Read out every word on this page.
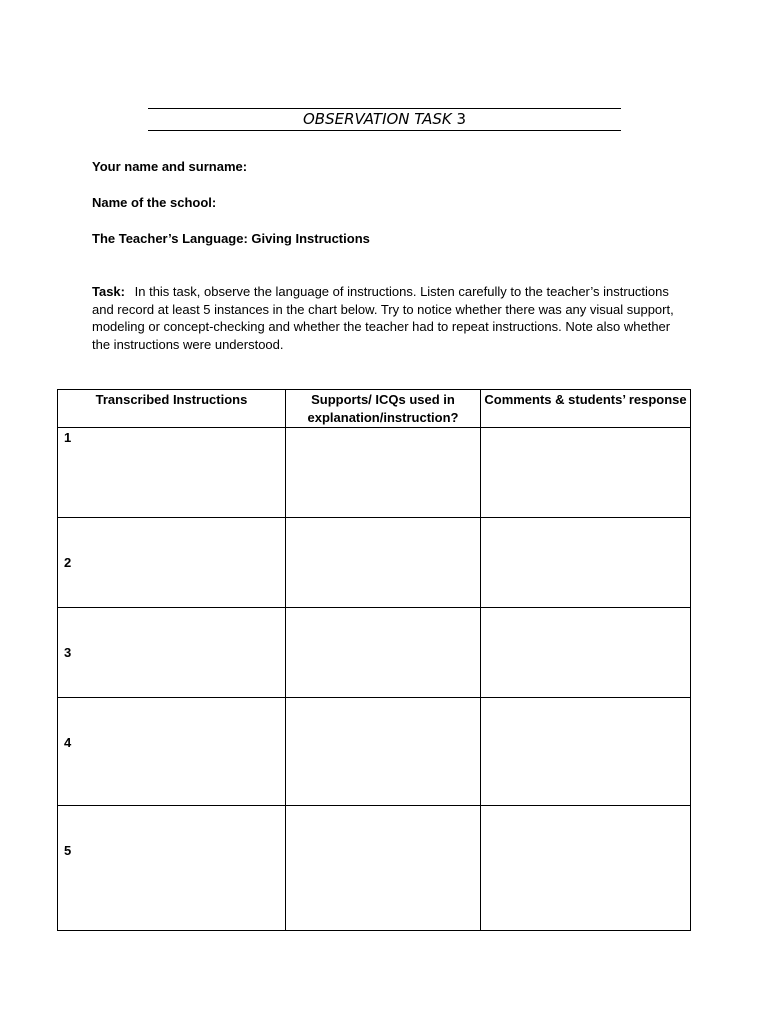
OBSERVATION TASK 3
Your name and surname:
Name of the school:
The Teacher’s Language: Giving Instructions
Task: In this task, observe the language of instructions. Listen carefully to the teacher’s instructions and record at least 5 instances in the chart below. Try to notice whether there was any visual support, modeling or concept-checking and whether the teacher had to repeat instructions. Note also whether the instructions were understood.
Transcribed Instructions	Supports/ ICQs used in explanation/instruction?	Comments & students’ response

1		

2		

3		

4		

5		
